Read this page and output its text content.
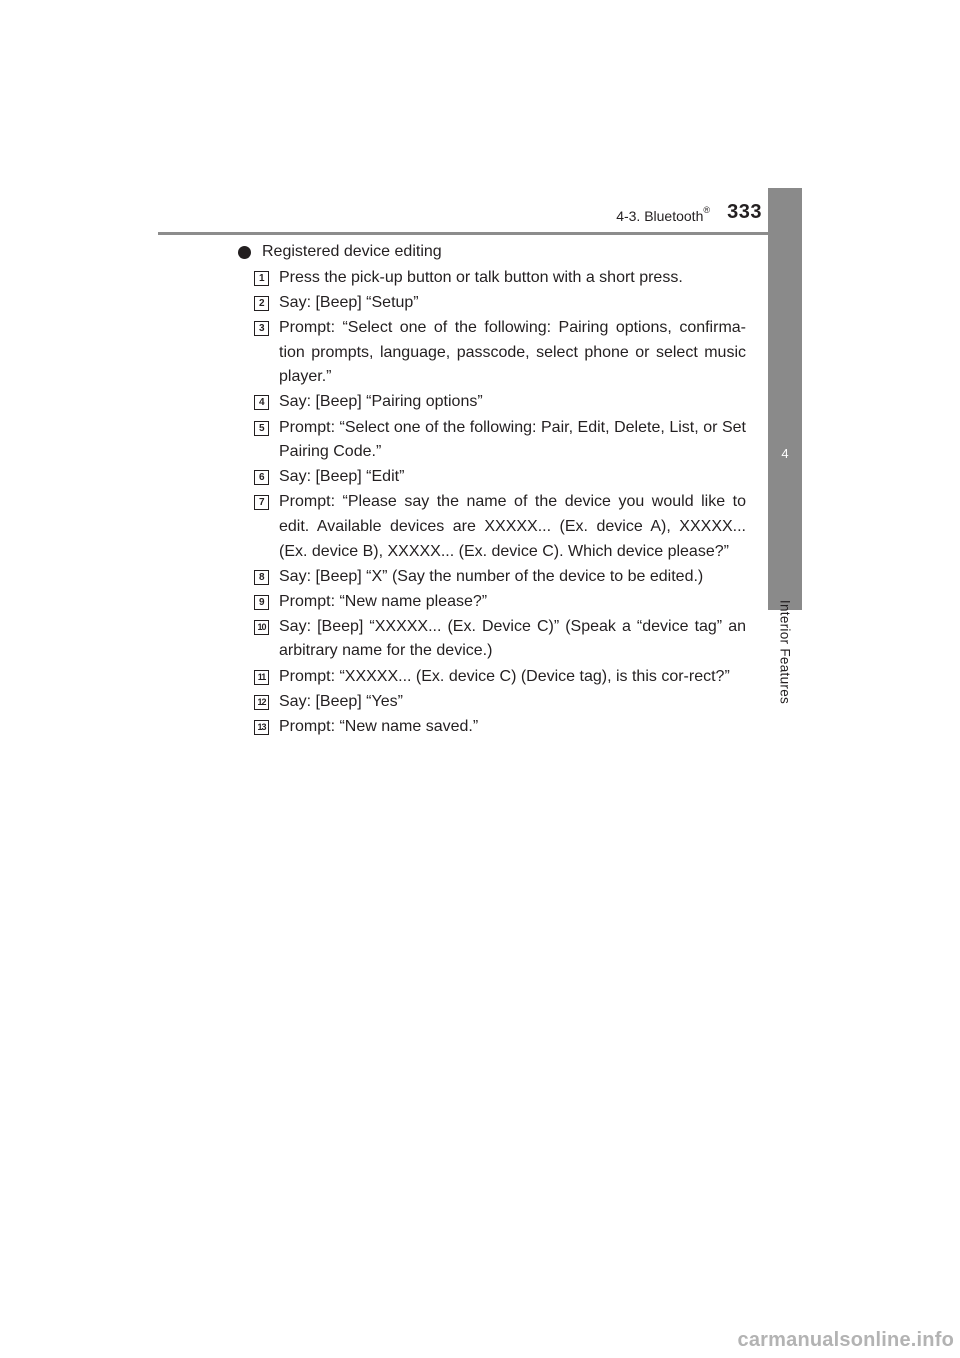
4-3. Bluetooth® 333
4
Interior Features
Registered device editing
1 Press the pick-up button or talk button with a short press.
2 Say: [Beep] “Setup”
3 Prompt: “Select one of the following: Pairing options, confirma-tion prompts, language, passcode, select phone or select music player.”
4 Say: [Beep] “Pairing options”
5 Prompt: “Select one of the following: Pair, Edit, Delete, List, or Set Pairing Code.”
6 Say: [Beep] “Edit”
7 Prompt: “Please say the name of the device you would like to edit. Available devices are XXXXX... (Ex. device A), XXXXX... (Ex. device B), XXXXX... (Ex. device C). Which device please?”
8 Say: [Beep] “X” (Say the number of the device to be edited.)
9 Prompt: “New name please?”
10 Say: [Beep] “XXXXX... (Ex. Device C)” (Speak a “device tag” an arbitrary name for the device.)
11 Prompt: “XXXXX... (Ex. device C) (Device tag), is this cor-rect?”
12 Say: [Beep] “Yes”
13 Prompt: “New name saved.”
carmanualsonline.info
